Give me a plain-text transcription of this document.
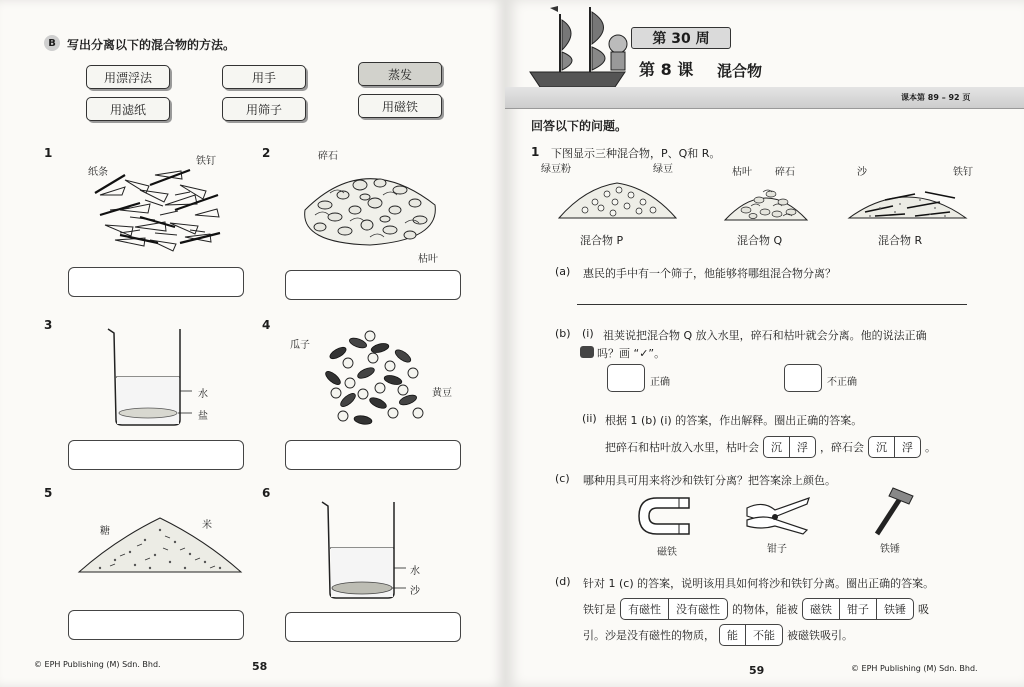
B 写出分离以下的混合物的方法。
用漂浮法	用手	蒸发
用滤纸	用筛子	用磁铁
1
纸条
铁钉
2	碎石
枯叶
3
水
盐
4
瓜子
黄豆
5
糖
米
6
水
沙
© EPH Publishing (M) Sdn. Bhd.	58
第 30 周
第 8 课 混合物
课本第 89 – 92 页
回答以下的问题。
1 下图显示三种混合物，P、Q和 R。
绿豆粉	绿豆
混合物 P
枯叶 碎石
混合物 Q
沙	铁钉
混合物 R
(a) 惠民的手中有一个筛子，他能够将哪组混合物分离？
(b) (i) 祖荚说把混合物 Q 放入水里，碎石和枯叶就会分离。他的说法正确
吗？画 “✓”。
正确	不正确
(ii) 根据 1 (b) (i) 的答案，作出解释。圈出正确的答案。
把碎石和枯叶放入水里，枯叶会	沉	浮	，碎石会	沉	浮	。
(c) 哪种用具可用来将沙和铁钉分离？把答案涂上颜色。
磁铁	钳子	铁锤
(d) 针对 1 (c) 的答案，说明该用具如何将沙和铁钉分离。圈出正确的答案。
铁钉是	有磁性	没有磁性	的物体，能被	磁铁	钳子	铁锤	吸
引。沙是没有磁性的物质，	能	不能	被磁铁吸引。
59	© EPH Publishing (M) Sdn. Bhd.
